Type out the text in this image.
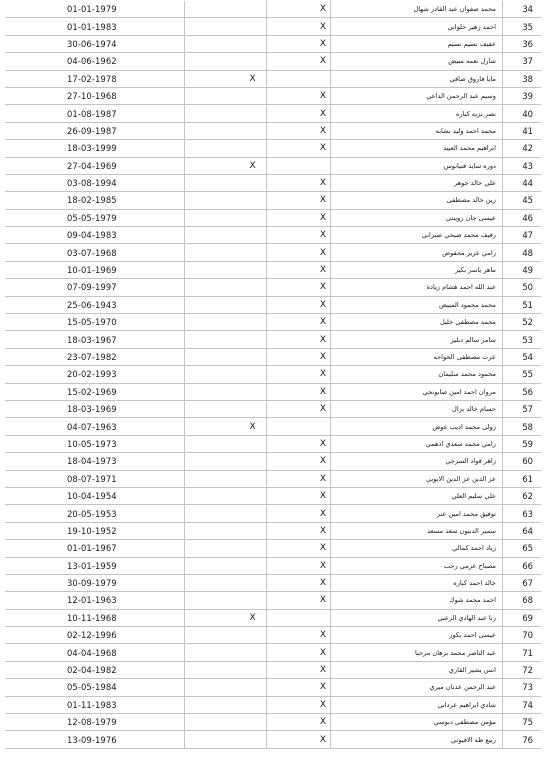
01-01-1979		X	محمد صفوان عبد القادر شهال	34
01-01-1983		X	احمد زهير حلواني	35
30-06-1974		X	عفيف نسيم نسيم	36
04-06-1962		X	شارل نعمه مبيض	37
17-02-1978	X		مايا فاروق صافي	38
27-10-1968		X	وسيم عبد الرحمن الداعي	39
01-08-1987		X	نصر نزيه كباره	40
26-09-1987		X	محمد احمد وليد نشابه	41
18-03-1999		X	ابراهيم محمد العبيد	42
27-04-1969	X		دوره سايد فتيانوس	43
03-08-1994		X	علي خالد جوهر	44
18-02-1985		X	زين خالد مصطفى	45
05-05-1979		X	عيسى جان زوينتي	46
09-04-1983		X	رفيف محمد صبحي صبراني	47
03-07-1968		X	رامي عزيز محفوض	48
10-01-1969		X	ماهر ياسر بكير	49
07-09-1997		X	عبد الله احمد هشام زيادة	50
25-06-1943		X	محمد محمود المبيض	51
15-05-1970		X	محمد مصطفى خليل	52
18-03-1967		X	سامر سالم دبليز	53
23-07-1982		X	عزت مصطفى الخواجه	54
20-02-1993		X	محمود محمد سليمان	55
15-02-1969		X	مروان احمد امين صابونجي	56
18-03-1969		X	حسام خالد بزال	57
04-07-1963	X		رولى محمد اديب عوض	58
10-05-1973		X	رامي محمد سعدي ادهمي	59
18-04-1973		X	زاهر فواد السرجي	60
08-07-1971		X	عز الدين عز الدين الايوبي	61
10-04-1954		X	علي سليم العلي	62
20-05-1953		X	توفيق محمد امين عنز	63
19-10-1952		X	سمير الدنبون سعد مسعد	64
01-01-1967		X	زياد احمد كمالي	65
13-01-1959		X	مصباح عزمي رجب	66
30-09-1979		X	خالد احمد كباره	67
12-01-1963		X	احمد محمد شوك	68
10-11-1968	X		رنا عبد الهادي الزعبي	69
02-12-1996		X	عيسى احمد بكور	70
04-04-1968		X	عبد الناصر محمد برهان مرحبا	71
02-04-1982		X	انس بشير القاري	72
05-05-1984		X	عبد الرحمن عدنان ميري	73
01-11-1983		X	شادي ابراهيم عرداني	74
12-08-1979		X	مؤمن مصطفى دبوسي	75
13-09-1976		X	ربيع طه الافيوني	76
